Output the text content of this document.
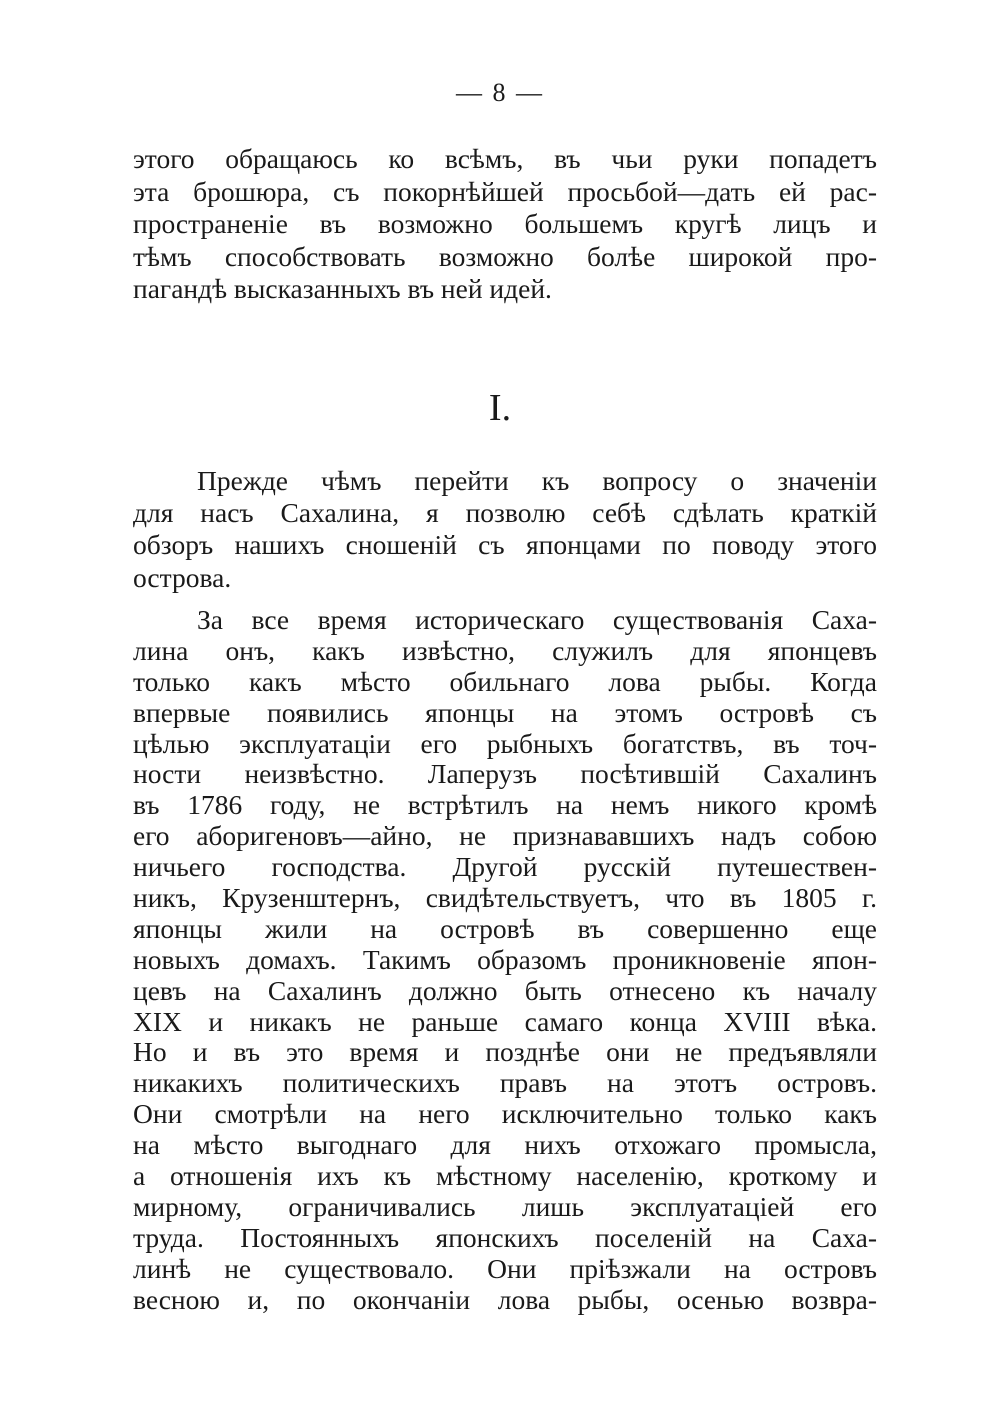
— 8 —
этого обращаюсь ко всѣмъ, въ чьи руки попадетъ
эта брошюра, съ покорнѣйшей просьбой—дать ей рас-
пространеніе въ возможно большемъ кругѣ лицъ и
тѣмъ способствовать возможно болѣе широкой про-
пагандѣ высказанныхъ въ ней идей.
I.
Прежде чѣмъ перейти къ вопросу о значеніи
для насъ Сахалина, я позволю себѣ сдѣлать краткій
обзоръ нашихъ сношеній съ японцами по поводу этого
острова.
За все время историческаго существованія Саха-
лина онъ, какъ извѣстно, служилъ для японцевъ
только какъ мѣсто обильнаго лова рыбы. Когда
впервые появились японцы на этомъ островѣ съ
цѣлью эксплуатаціи его рыбныхъ богатствъ, въ точ-
ности неизвѣстно. Лаперузъ посѣтившій Сахалинъ
въ 1786 году, не встрѣтилъ на немъ никого кромѣ
его аборигеновъ—айно, не признававшихъ надъ собою
ничьего господства. Другой русскій путешествен-
никъ, Крузенштернъ, свидѣтельствуетъ, что въ 1805 г.
японцы жили на островѣ въ совершенно еще
новыхъ домахъ. Такимъ образомъ проникновеніе япон-
цевъ на Сахалинъ должно быть отнесено къ началу
XIX и никакъ не раньше самаго конца XVIII вѣка.
Но и въ это время и позднѣе они не предъявляли
никакихъ политическихъ правъ на этотъ островъ.
Они смотрѣли на него исключительно только какъ
на мѣсто выгоднаго для нихъ отхожаго промысла,
а отношенія ихъ къ мѣстному населенію, кроткому и
мирному, ограничивались лишь эксплуатаціей его
труда. Постоянныхъ японскихъ поселеній на Саха-
линѣ не существовало. Они пріѣзжали на островъ
весною и, по окончаніи лова рыбы, осенью возвра-
